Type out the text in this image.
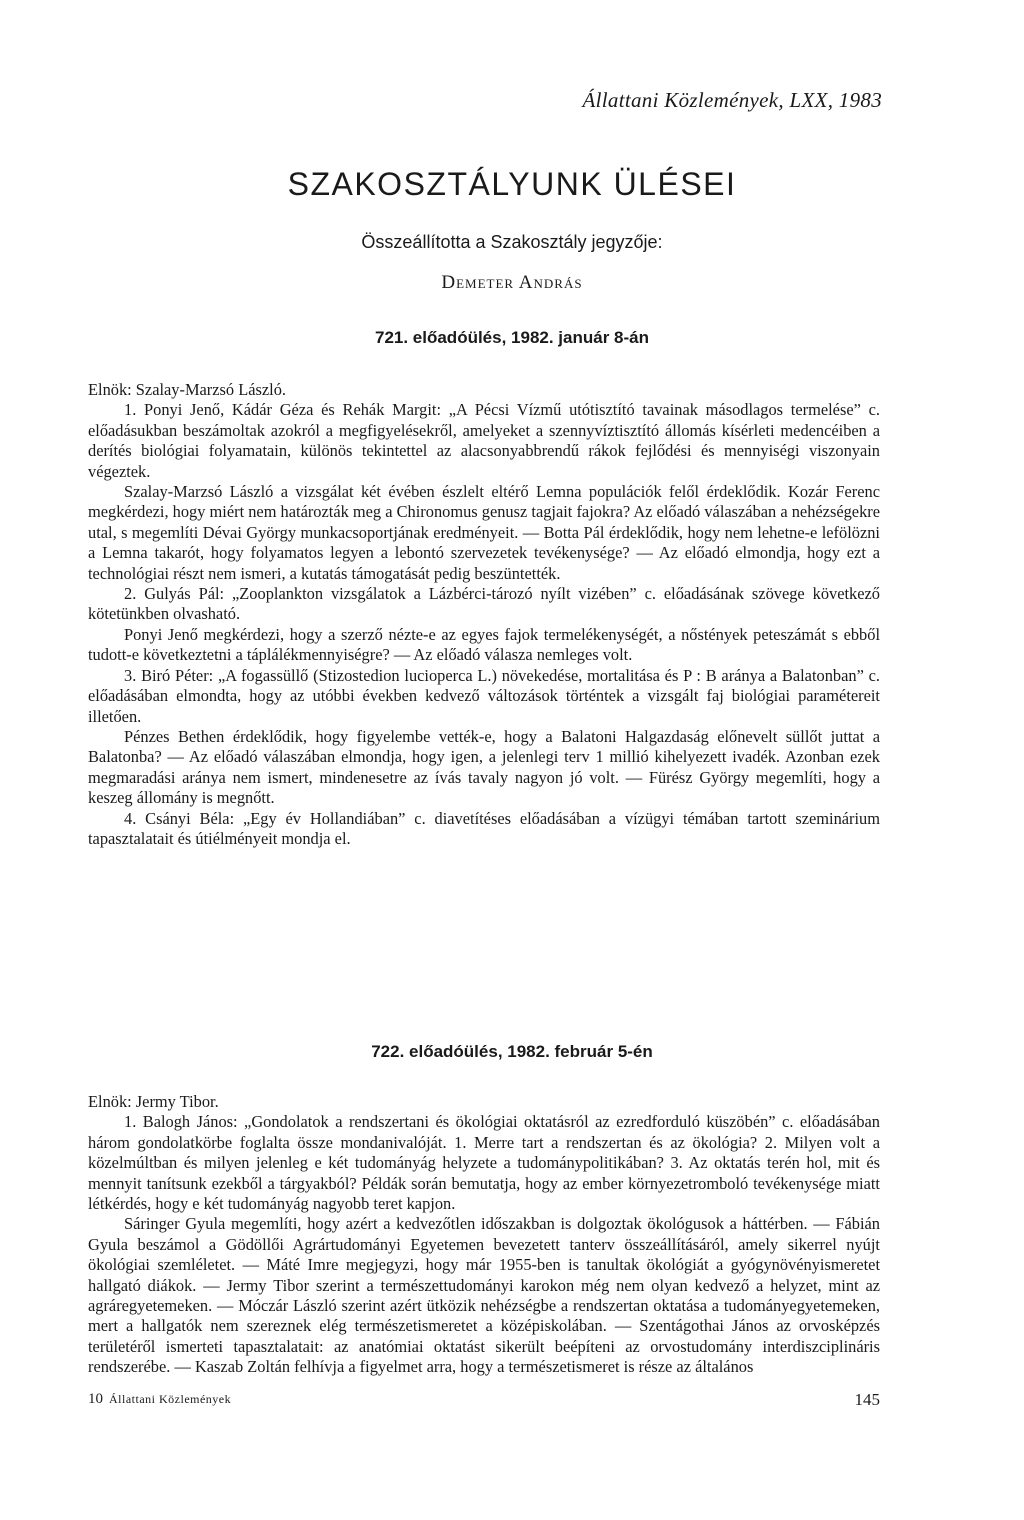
Állattani Közlemények, LXX, 1983
SZAKOSZTÁLYUNK ÜLÉSEI
Összeállította a Szakosztály jegyzője:
Demeter András
721. előadóülés, 1982. január 8-án

Elnök: Szalay-Marzsó László.

1. Ponyi Jenő, Kádár Géza és Rehák Margit: „A Pécsi Vízmű utótisztító tavainak másodlagos termelése” c. előadásukban beszámoltak azokról a megfigyelésekről, amelyeket a szennyvíztisztító állomás kísérleti medencéiben a derítés biológiai folyamatain, különös tekintettel az alacsonyabbrendű rákok fejlődési és mennyiségi viszonyain végeztek.

Szalay-Marzsó László a vizsgálat két évében észlelt eltérő Lemna populációk felől érdeklődik. Kozár Ferenc megkérdezi, hogy miért nem határozták meg a Chironomus genusz tagjait fajokra? Az előadó válaszában a nehézségekre utal, s megemlíti Dévai György munkacsoportjának eredményeit. — Botta Pál érdeklődik, hogy nem lehetne-e lefölözni a Lemna takarót, hogy folyamatos legyen a lebontó szervezetek tevékenysége? — Az előadó elmondja, hogy ezt a technológiai részt nem ismeri, a kutatás támogatását pedig beszüntették.

2. Gulyás Pál: „Zooplankton vizsgálatok a Lázbérci-tározó nyílt vizében” c. előadásának szövege következő kötetünkben olvasható.

Ponyi Jenő megkérdezi, hogy a szerző nézte-e az egyes fajok termelékenységét, a nőstények peteszámát s ebből tudott-e következtetni a táplálékmennyiségre? — Az előadó válasza nemleges volt.

3. Biró Péter: „A fogassüllő (Stizostedion lucioperca L.) növekedése, mortalitása és P : B aránya a Balatonban” c. előadásában elmondta, hogy az utóbbi években kedvező változások történtek a vizsgált faj biológiai paramétereit illetően.

Pénzes Bethen érdeklődik, hogy figyelembe vették-e, hogy a Balatoni Halgazdaság előnevelt süllőt juttat a Balatonba? — Az előadó válaszában elmondja, hogy igen, a jelenlegi terv 1 millió kihelyezett ivadék. Azonban ezek megmaradási aránya nem ismert, mindenesetre az ívás tavaly nagyon jó volt. — Fürész György megemlíti, hogy a keszeg állomány is megnőtt.

4. Csányi Béla: „Egy év Hollandiában” c. diavetítéses előadásában a vízügyi témában tartott szeminárium tapasztalatait és útiélményeit mondja el.

722. előadóülés, 1982. február 5-én

Elnök: Jermy Tibor.

1. Balogh János: „Gondolatok a rendszertani és ökológiai oktatásról az ezredforduló küszöbén” c. előadásában három gondolatkörbe foglalta össze mondanivalóját. 1. Merre tart a rendszertan és az ökológia? 2. Milyen volt a közelmúltban és milyen jelenleg e két tudományág helyzete a tudománypolitikában? 3. Az oktatás terén hol, mit és mennyit tanítsunk ezekből a tárgyakból? Példák során bemutatja, hogy az ember környezetromboló tevékenysége miatt létkérdés, hogy e két tudományág nagyobb teret kapjon.

Sáringer Gyula megemlíti, hogy azért a kedvezőtlen időszakban is dolgoztak ökológusok a háttérben. — Fábián Gyula beszámol a Gödöllői Agrártudományi Egyetemen bevezetett tanterv összeállításáról, amely sikerrel nyújt ökológiai szemléletet. — Máté Imre megjegyzi, hogy már 1955-ben is tanultak ökológiát a gyógynövényismeretet hallgató diákok. — Jermy Tibor szerint a természettudományi karokon még nem olyan kedvező a helyzet, mint az agráregyetemeken. — Móczár László szerint azért ütközik nehézségbe a rendszertan oktatása a tudományegyetemeken, mert a hallgatók nem szereznek elég természetismeretet a középiskolában. — Szentágothai János az orvosképzés területéről ismerteti tapasztalatait: az anatómiai oktatást sikerült beépíteni az orvostudomány interdiszciplináris rendszerébe. — Kaszab Zoltán felhívja a figyelmet arra, hogy a természetismeret is része az általános

10 Állattani Közlemények	145
